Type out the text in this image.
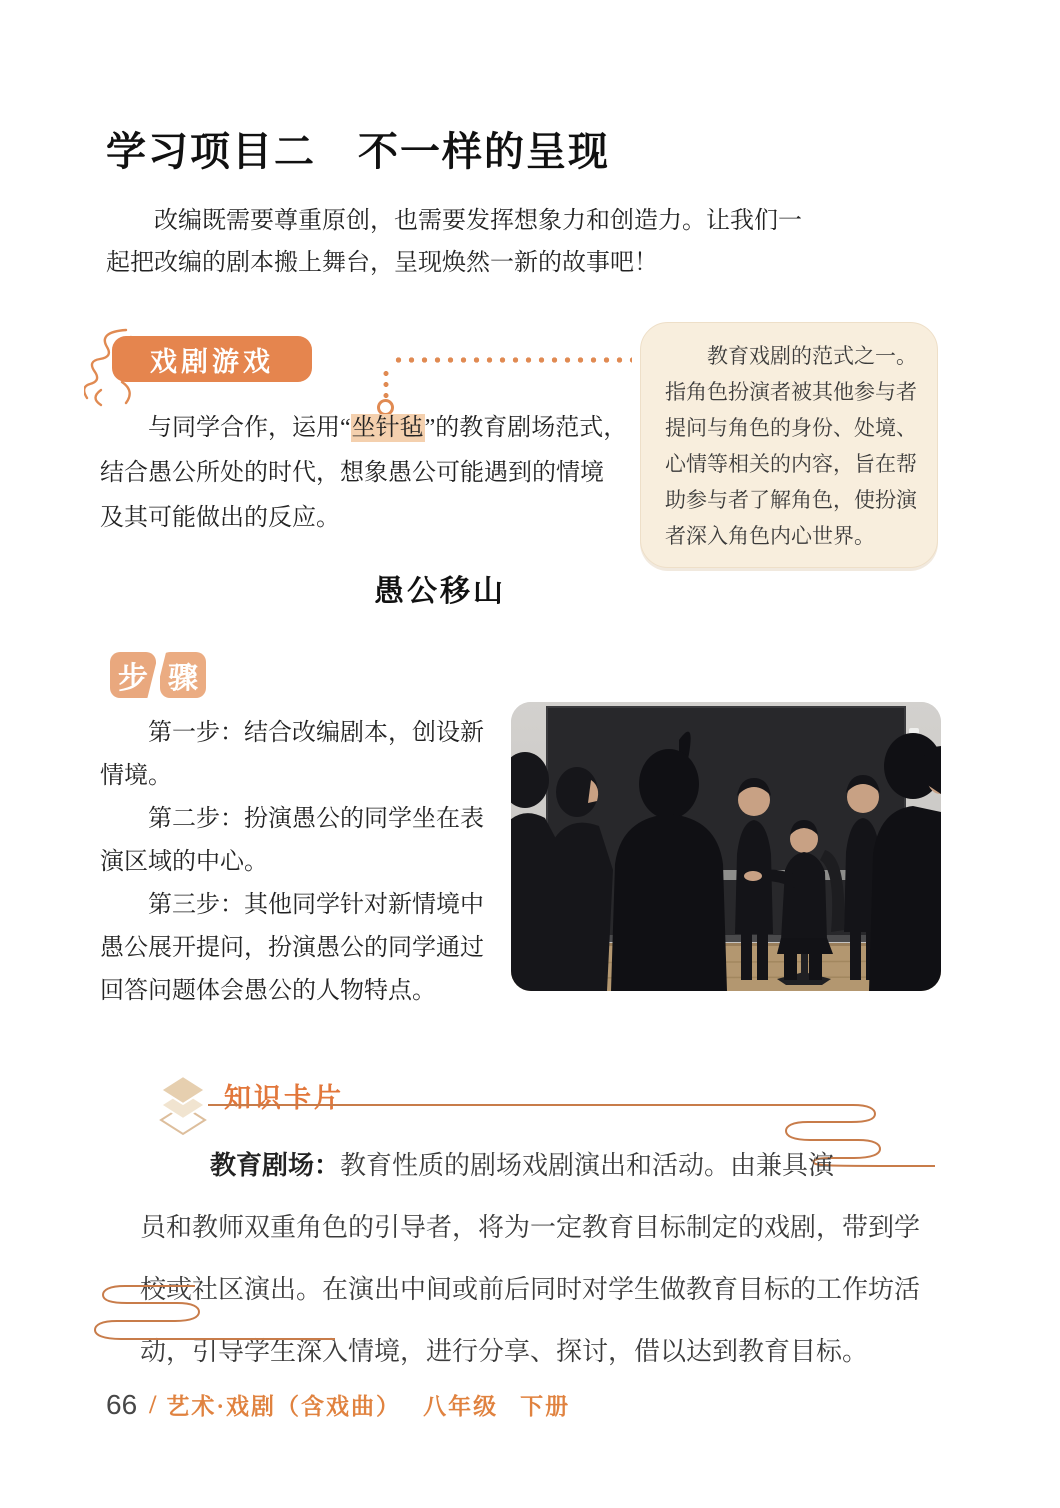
学习项目二　不一样的呈现
改编既需要尊重原创，也需要发挥想象力和创造力。让我们一
起把改编的剧本搬上舞台，呈现焕然一新的故事吧！
戏剧游戏
与同学合作，运用“坐针毡”的教育剧场范式，
结合愚公所处的时代，想象愚公可能遇到的情境
及其可能做出的反应。
教育戏剧的范式之一。
指角色扮演者被其他参与者
提问与角色的身份、处境、
心情等相关的内容，旨在帮
助参与者了解角色，使扮演
者深入角色内心世界。
愚公移山
步 骤
第一步：结合改编剧本，创设新
情境。
第二步：扮演愚公的同学坐在表
演区域的中心。
第三步：其他同学针对新情境中
愚公展开提问，扮演愚公的同学通过
回答问题体会愚公的人物特点。
知识卡片
教育剧场：教育性质的剧场戏剧演出和活动。由兼具演
员和教师双重角色的引导者，将为一定教育目标制定的戏剧，带到学
校或社区演出。在演出中间或前后同时对学生做教育目标的工作坊活
动，引导学生深入情境，进行分享、探讨，借以达到教育目标。
66 / 艺术·戏剧（含戏曲） 八年级 下册
